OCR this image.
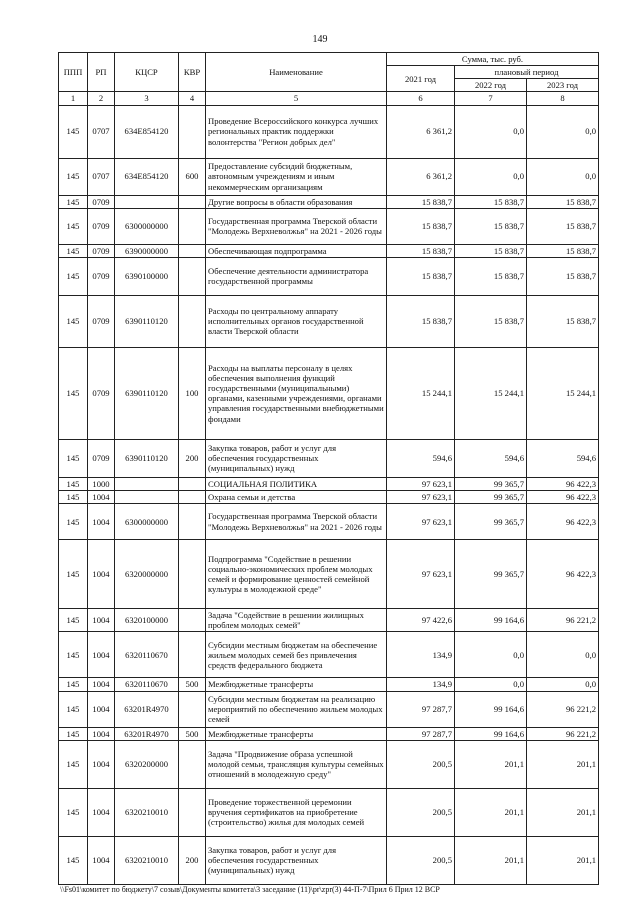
149
ППП	РП	КЦСР	КВР	Наименование	Сумма, тыс. руб.		
					2021 год	плановый период	
						2022 год	2023 год
1	2	3	4	5	6	7	8
145	0707	634E854120		Проведение Всероссийского конкурса лучших региональных практик поддержки волонтерства "Регион добрых дел"	6 361,2	0,0	0,0
145	0707	634E854120	600	Предоставление субсидий бюджетным, автономным учреждениям и иным некоммерческим организациям	6 361,2	0,0	0,0
145	0709			Другие вопросы в области образования	15 838,7	15 838,7	15 838,7
145	0709	6300000000		Государственная программа Тверской области "Молодежь Верхневолжья" на 2021 - 2026 годы	15 838,7	15 838,7	15 838,7
145	0709	6390000000		Обеспечивающая подпрограмма	15 838,7	15 838,7	15 838,7
145	0709	6390100000		Обеспечение деятельности администратора государственной программы	15 838,7	15 838,7	15 838,7
145	0709	6390110120		Расходы по центральному аппарату исполнительных органов государственной власти Тверской области	15 838,7	15 838,7	15 838,7
145	0709	6390110120	100	Расходы на выплаты персоналу в целях обеспечения выполнения функций государственными (муниципальными) органами, казенными учреждениями, органами управления государственными внебюджетными фондами	15 244,1	15 244,1	15 244,1
145	0709	6390110120	200	Закупка товаров, работ и услуг для обеспечения государственных (муниципальных) нужд	594,6	594,6	594,6
145	1000			СОЦИАЛЬНАЯ ПОЛИТИКА	97 623,1	99 365,7	96 422,3
145	1004			Охрана семьи и детства	97 623,1	99 365,7	96 422,3
145	1004	6300000000		Государственная программа Тверской области "Молодежь Верхневолжья" на 2021 - 2026 годы	97 623,1	99 365,7	96 422,3
145	1004	6320000000		Подпрограмма "Содействие в решении социально-экономических проблем молодых семей и формирование ценностей семейной культуры в молодежной среде"	97 623,1	99 365,7	96 422,3
145	1004	6320100000		Задача "Содействие в решении жилищных проблем молодых семей"	97 422,6	99 164,6	96 221,2
145	1004	6320110670		Субсидии местным бюджетам на обеспечение жильем молодых семей без привлечения средств федерального бюджета	134,9	0,0	0,0
145	1004	6320110670	500	Межбюджетные трансферты	134,9	0,0	0,0
145	1004	63201R4970		Субсидии местным бюджетам на реализацию мероприятий по обеспечению жильем молодых семей	97 287,7	99 164,6	96 221,2
145	1004	63201R4970	500	Межбюджетные трансферты	97 287,7	99 164,6	96 221,2
145	1004	6320200000		Задача "Продвижение образа успешной молодой семьи, трансляция культуры семейных отношений в молодежную среду"	200,5	201,1	201,1
145	1004	6320210010		Проведение торжественной церемонии вручения сертификатов на приобретение (строительство) жилья для молодых семей	200,5	201,1	201,1
145	1004	6320210010	200	Закупка товаров, работ и услуг для обеспечения государственных (муниципальных) нужд	200,5	201,1	201,1
\\Fs01\комитет по бюджету\7 созыв\Документы комитета\3 заседание (11)\pr\zpr(3) 44-П-7\Прил 6 Прил 12 ВСР
